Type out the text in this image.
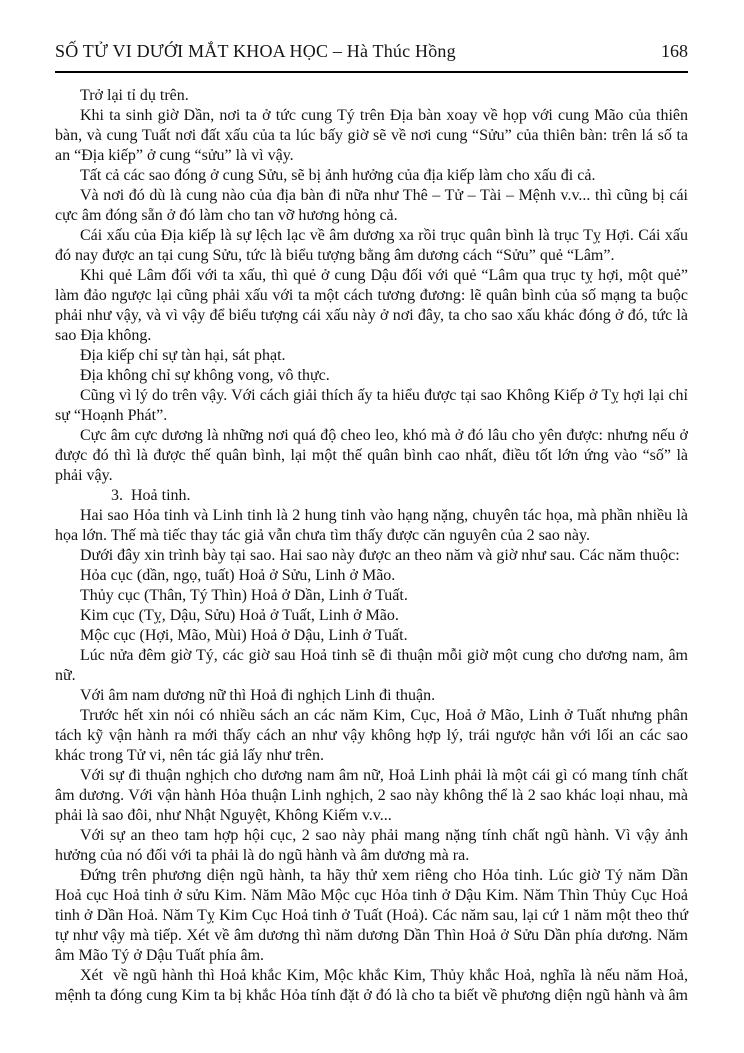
SỐ TỬ VI DƯỚI MẮT KHOA HỌC – Hà Thúc Hồng	168

Trở lại tỉ dụ trên.

Khi ta sinh giờ Dần, nơi ta ở tức cung Tý trên Địa bàn xoay về họp với cung Mão của thiên bàn, và cung Tuất nơi đất xấu của ta lúc bấy giờ sẽ về nơi cung “Sửu” của thiên bàn: trên lá số ta an “Địa kiếp” ở cung “sửu” là vì vậy.

Tất cả các sao đóng ở cung Sửu, sẽ bị ảnh hưởng của địa kiếp làm cho xấu đi cả.

Và nơi đó dù là cung nào của địa bàn đi nữa như Thê – Tử – Tài – Mệnh v.v... thì cũng bị cái cực âm đóng sẵn ở đó làm cho tan vỡ hương hỏng cả.

Cái xấu của Địa kiếp là sự lệch lạc về âm dương xa rồi trục quân bình là trục Tỵ Hợi. Cái xấu đó nay được an tại cung Sửu, tức là biểu tượng bằng âm dương cách “Sửu” quẻ “Lâm”.

Khi quẻ Lâm đối với ta xấu, thì quẻ ở cung Dậu đối với quẻ “Lâm qua trục tỵ hợi, một quẻ” làm đảo ngược lại cũng phải xấu với ta một cách tương đương: lẽ quân bình của số mạng ta buộc phải như vậy, và vì vậy để biểu tượng cái xấu này ở nơi đây, ta cho sao xấu khác đóng ở đó, tức là sao Địa không.

Địa kiếp chỉ sự tàn hại, sát phạt.

Địa không chỉ sự không vong, vô thực.

Cũng vì lý do trên vậy. Với cách giải thích ấy ta hiểu được tại sao Không Kiếp ở Tỵ hợi lại chỉ sự “Hoạnh Phát”.

Cực âm cực dương là những nơi quá độ cheo leo, khó mà ở đó lâu cho yên được: nhưng nếu ở được đó thì là được thế quân bình, lại một thế quân bình cao nhất, điều tốt lớn ứng vào “số” là phải vậy.

3.  Hoả tinh.

Hai sao Hỏa tinh và Linh tinh là 2 hung tinh vào hạng nặng, chuyên tác họa, mà phần nhiều là họa lớn. Thế mà tiếc thay tác giả vẫn chưa tìm thấy được căn nguyên của 2 sao này.

Dưới đây xin trình bày tại sao. Hai sao này được an theo năm và giờ như sau. Các năm thuộc:

Hỏa cục (dần, ngọ, tuất) Hoả ở Sửu, Linh ở Mão.

Thủy cục (Thân, Tý Thìn) Hoả ở Dần, Linh ở Tuất.

Kim cục (Tỵ, Dậu, Sửu) Hoả ở Tuất, Linh ở Mão.

Mộc cục (Hợi, Mão, Mùi) Hoả ở Dậu, Linh ở Tuất.

Lúc nửa đêm giờ Tý, các giờ sau Hoả tinh sẽ đi thuận mỗi giờ một cung cho dương nam, âm nữ.

Với âm nam dương nữ thì Hoả đi nghịch Linh đi thuận.

Trước hết xin nói có nhiều sách an các năm Kim, Cục, Hoả ở Mão, Linh ở Tuất nhưng phân tách kỹ vận hành ra mới thấy cách an như vậy không hợp lý, trái ngược hẳn với lối an các sao khác trong Tử vi, nên tác giả lấy như trên.

Với sự đi thuận nghịch cho dương nam âm nữ, Hoả Linh phải là một cái gì có mang tính chất âm dương. Với vận hành Hỏa thuận Linh nghịch, 2 sao này không thể là 2 sao khác loại nhau, mà phải là sao đôi, như Nhật Nguyệt, Không Kiếm v.v...

Với sự an theo tam hợp hội cục, 2 sao này phải mang nặng tính chất ngũ hành. Vì vậy ảnh hưởng của nó đối với ta phải là do ngũ hành và âm dương mà ra.

Đứng trên phương diện ngũ hành, ta hãy thử xem riêng cho Hỏa tinh. Lúc giờ Tý năm Dần Hoả cục Hoả tinh ở sửu Kim. Năm Mão Mộc cục Hỏa tinh ở Dậu Kim. Năm Thìn Thủy Cục Hoả tinh ở Dần Hoả. Năm Tỵ Kim Cục Hoả tinh ở Tuất (Hoả). Các năm sau, lại cứ 1 năm một theo thứ tự như vậy mà tiếp. Xét về âm dương thì năm dương Dần Thìn Hoả ở Sửu Dần phía dương. Năm âm Mão Tý ở Dậu Tuất phía âm.

Xét  về ngũ hành thì Hoả khắc Kim, Mộc khắc Kim, Thủy khắc Hoả, nghĩa là nếu năm Hoả, mệnh ta đóng cung Kim ta bị khắc Hỏa tính đặt ở đó là cho ta biết về phương diện ngũ hành và âm
